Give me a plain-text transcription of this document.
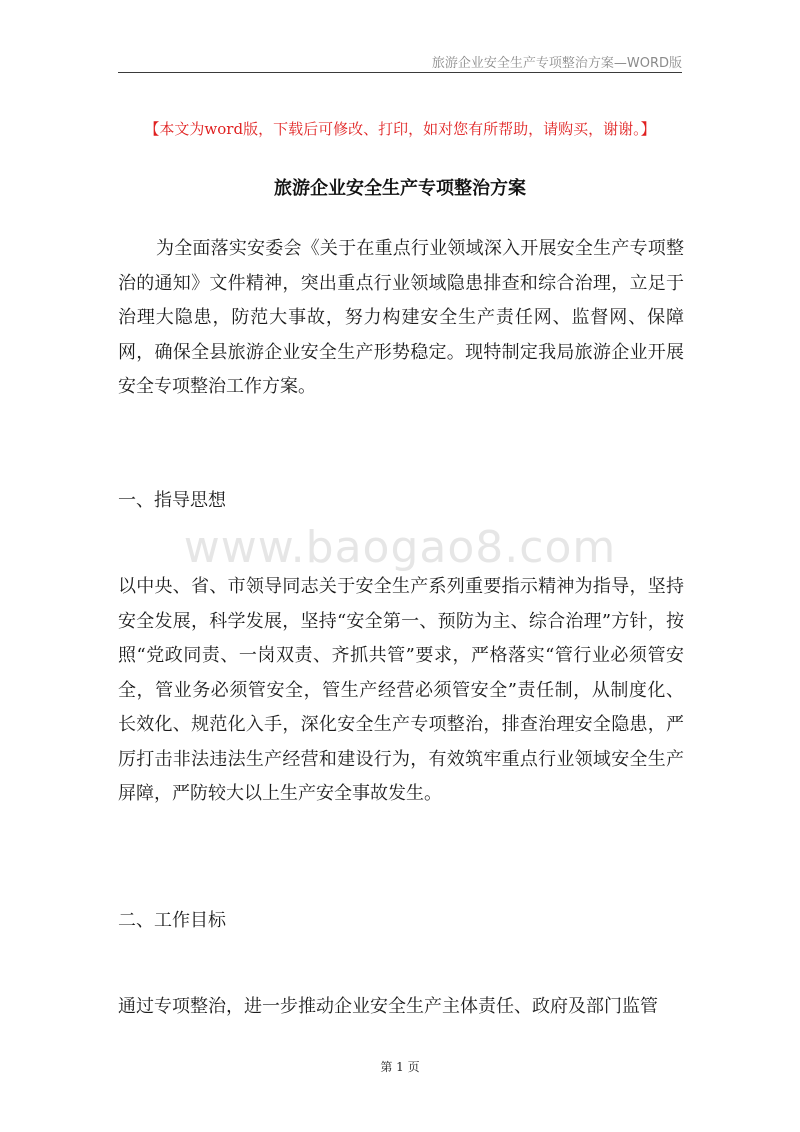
旅游企业安全生产专项整治方案—WORD版
【本文为word版，下载后可修改、打印，如对您有所帮助，请购买，谢谢。】
旅游企业安全生产专项整治方案
为全面落实安委会《关于在重点行业领域深入开展安全生产专项整治的通知》文件精神，突出重点行业领域隐患排查和综合治理，立足于治理大隐患，防范大事故，努力构建安全生产责任网、监督网、保障网，确保全县旅游企业安全生产形势稳定。现特制定我局旅游企业开展安全专项整治工作方案。
一、指导思想
www.baogao8.com
以中央、省、市领导同志关于安全生产系列重要指示精神为指导，坚持安全发展，科学发展，坚持“安全第一、预防为主、综合治理”方针，按照“党政同责、一岗双责、齐抓共管”要求，严格落实“管行业必须管安全，管业务必须管安全，管生产经营必须管安全”责任制，从制度化、长效化、规范化入手，深化安全生产专项整治，排查治理安全隐患，严厉打击非法违法生产经营和建设行为，有效筑牢重点行业领域安全生产屏障，严防较大以上生产安全事故发生。
二、工作目标
通过专项整治，进一步推动企业安全生产主体责任、政府及部门监管
第 1 页
